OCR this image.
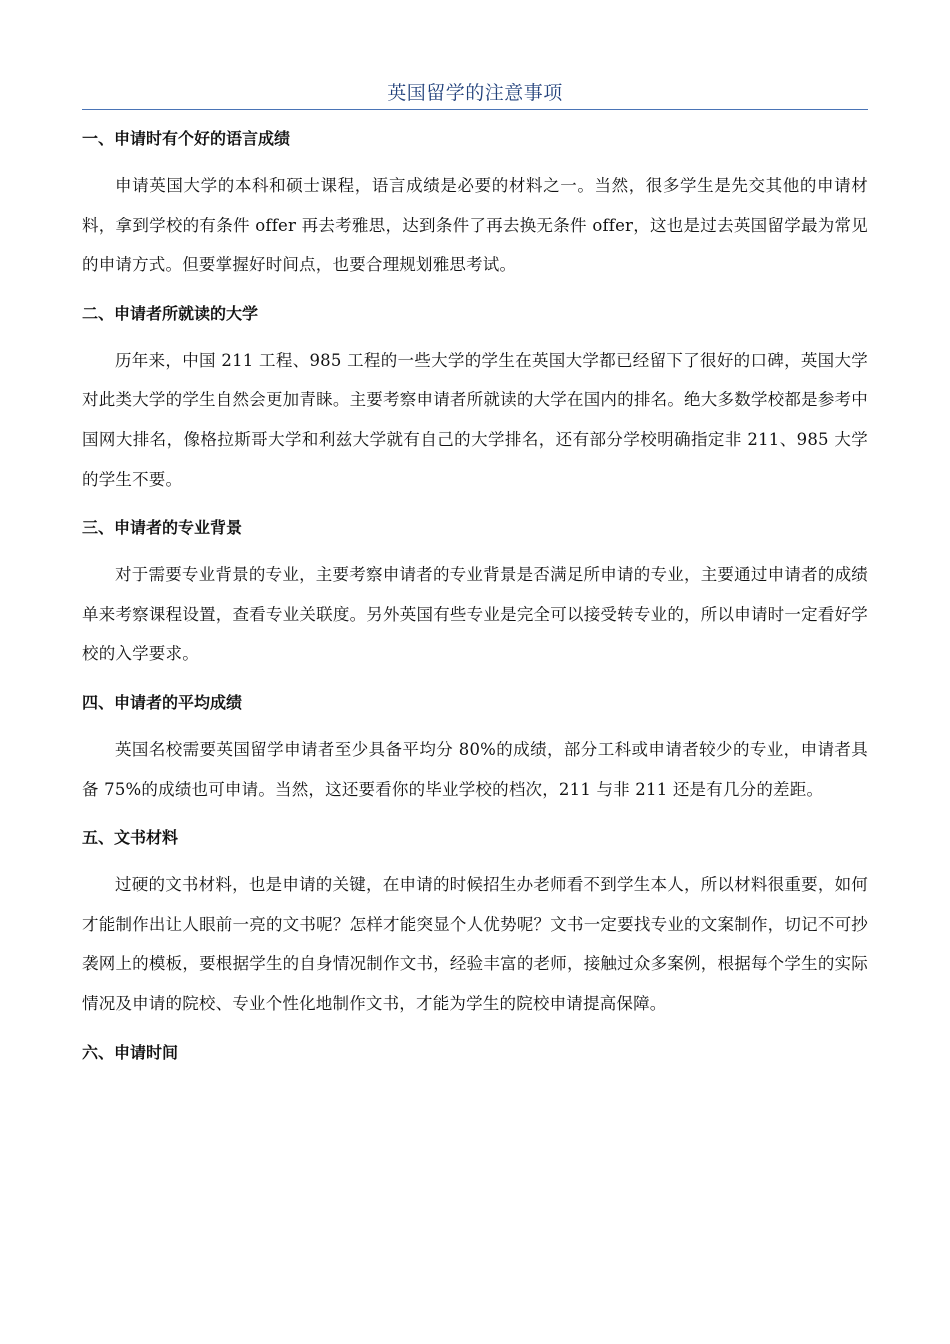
英国留学的注意事项
一、申请时有个好的语言成绩

申请英国大学的本科和硕士课程，语言成绩是必要的材料之一。当然，很多学生是先交其他的申请材料，拿到学校的有条件 offer 再去考雅思，达到条件了再去换无条件 offer，这也是过去英国留学最为常见的申请方式。但要掌握好时间点，也要合理规划雅思考试。

二、申请者所就读的大学

历年来，中国 211 工程、985 工程的一些大学的学生在英国大学都已经留下了很好的口碑，英国大学对此类大学的学生自然会更加青睐。主要考察申请者所就读的大学在国内的排名。绝大多数学校都是参考中国网大排名，像格拉斯哥大学和利兹大学就有自己的大学排名，还有部分学校明确指定非 211、985 大学的学生不要。

三、申请者的专业背景

对于需要专业背景的专业，主要考察申请者的专业背景是否满足所申请的专业，主要通过申请者的成绩单来考察课程设置，查看专业关联度。另外英国有些专业是完全可以接受转专业的，所以申请时一定看好学校的入学要求。

四、申请者的平均成绩

英国名校需要英国留学申请者至少具备平均分 80%的成绩，部分工科或申请者较少的专业，申请者具备 75%的成绩也可申请。当然，这还要看你的毕业学校的档次，211 与非 211 还是有几分的差距。

五、文书材料

过硬的文书材料，也是申请的关键，在申请的时候招生办老师看不到学生本人，所以材料很重要，如何才能制作出让人眼前一亮的文书呢？怎样才能突显个人优势呢？文书一定要找专业的文案制作，切记不可抄袭网上的模板，要根据学生的自身情况制作文书，经验丰富的老师，接触过众多案例，根据每个学生的实际情况及申请的院校、专业个性化地制作文书，才能为学生的院校申请提高保障。

六、申请时间
